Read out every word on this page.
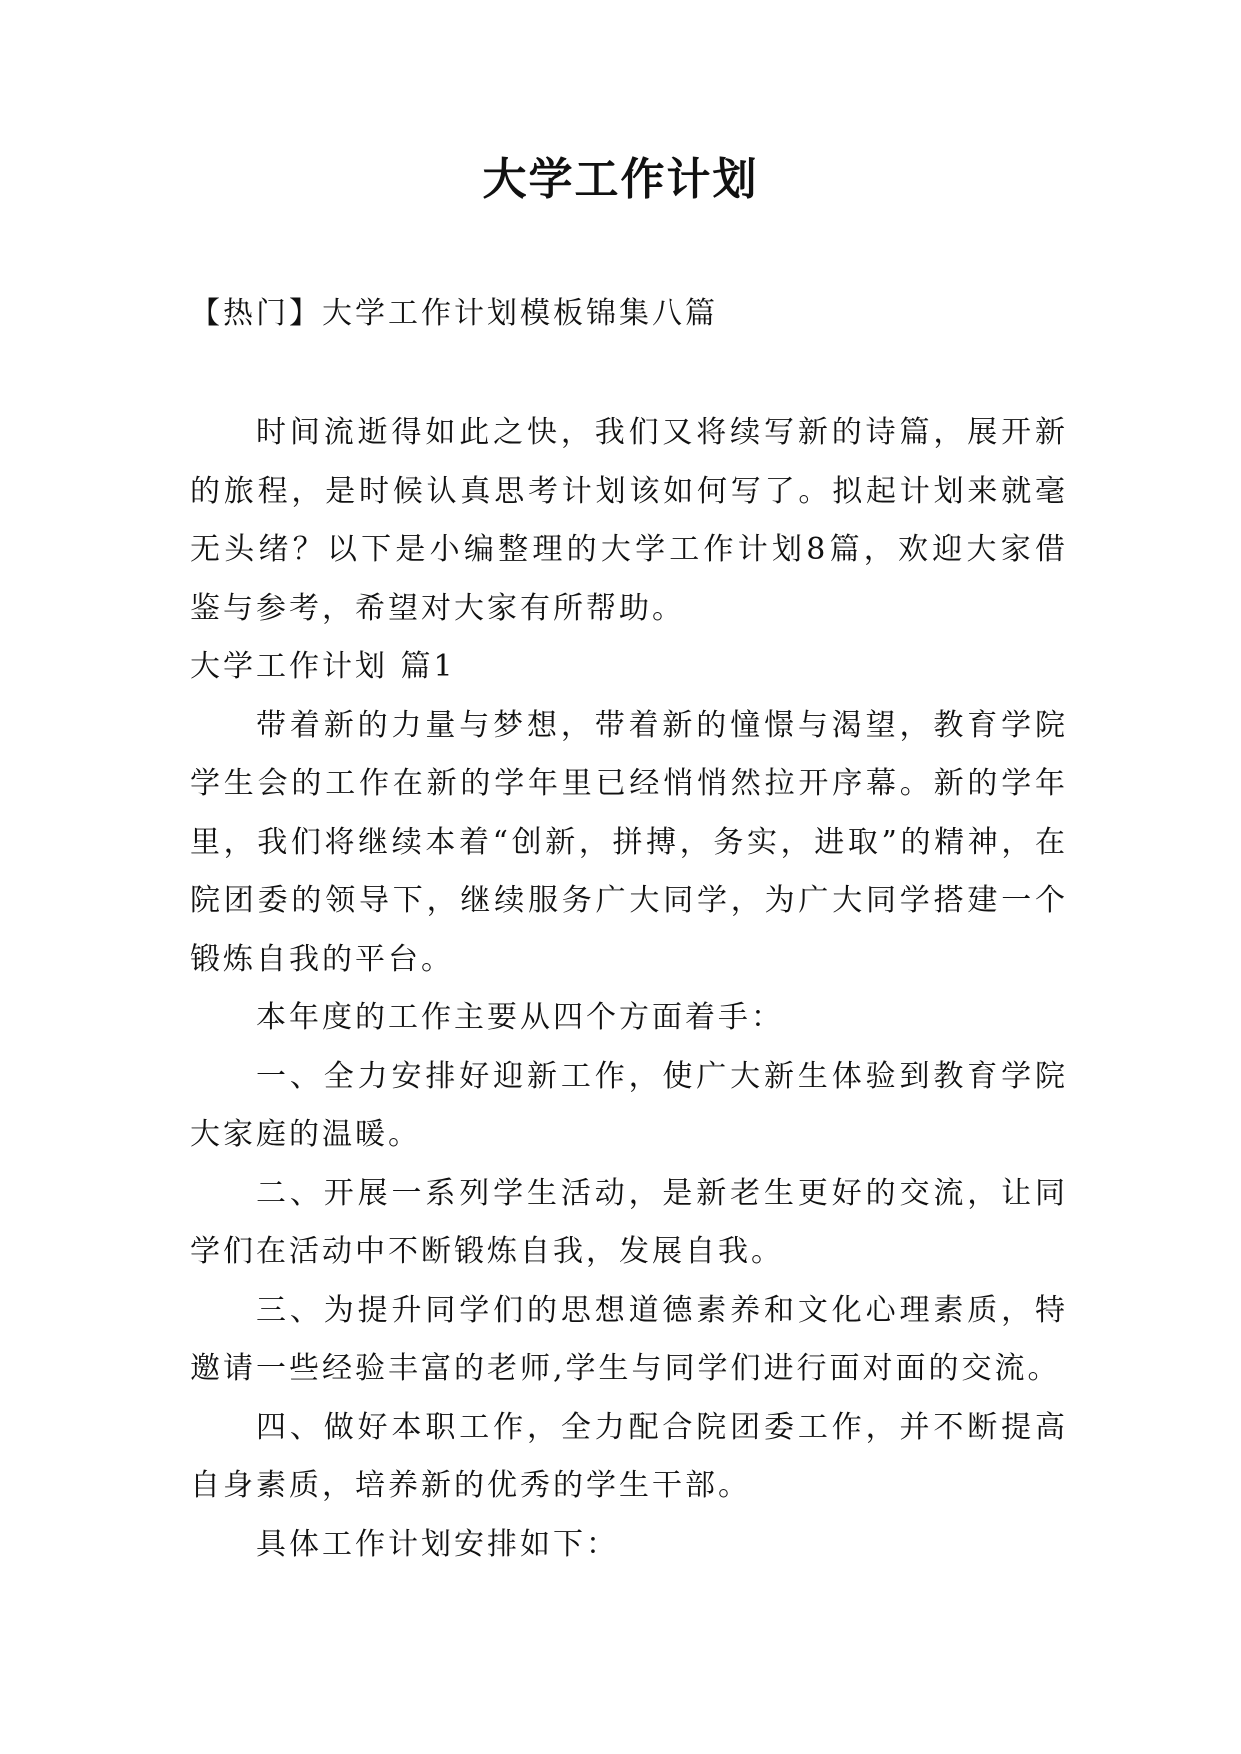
大学工作计划
【热门】大学工作计划模板锦集八篇

时间流逝得如此之快，我们又将续写新的诗篇，展开新的旅程，是时候认真思考计划该如何写了。拟起计划来就毫无头绪？以下是小编整理的大学工作计划8篇，欢迎大家借鉴与参考，希望对大家有所帮助。

大学工作计划 篇1

带着新的力量与梦想，带着新的憧憬与渴望，教育学院学生会的工作在新的学年里已经悄悄然拉开序幕。新的学年里，我们将继续本着“创新，拼搏，务实，进取”的精神，在院团委的领导下，继续服务广大同学，为广大同学搭建一个锻炼自我的平台。

本年度的工作主要从四个方面着手：

一、全力安排好迎新工作，使广大新生体验到教育学院大家庭的温暖。

二、开展一系列学生活动，是新老生更好的交流，让同学们在活动中不断锻炼自我，发展自我。

三、为提升同学们的思想道德素养和文化心理素质，特邀请一些经验丰富的老师,学生与同学们进行面对面的交流。

四、做好本职工作，全力配合院团委工作，并不断提高自身素质，培养新的优秀的学生干部。

具体工作计划安排如下：
